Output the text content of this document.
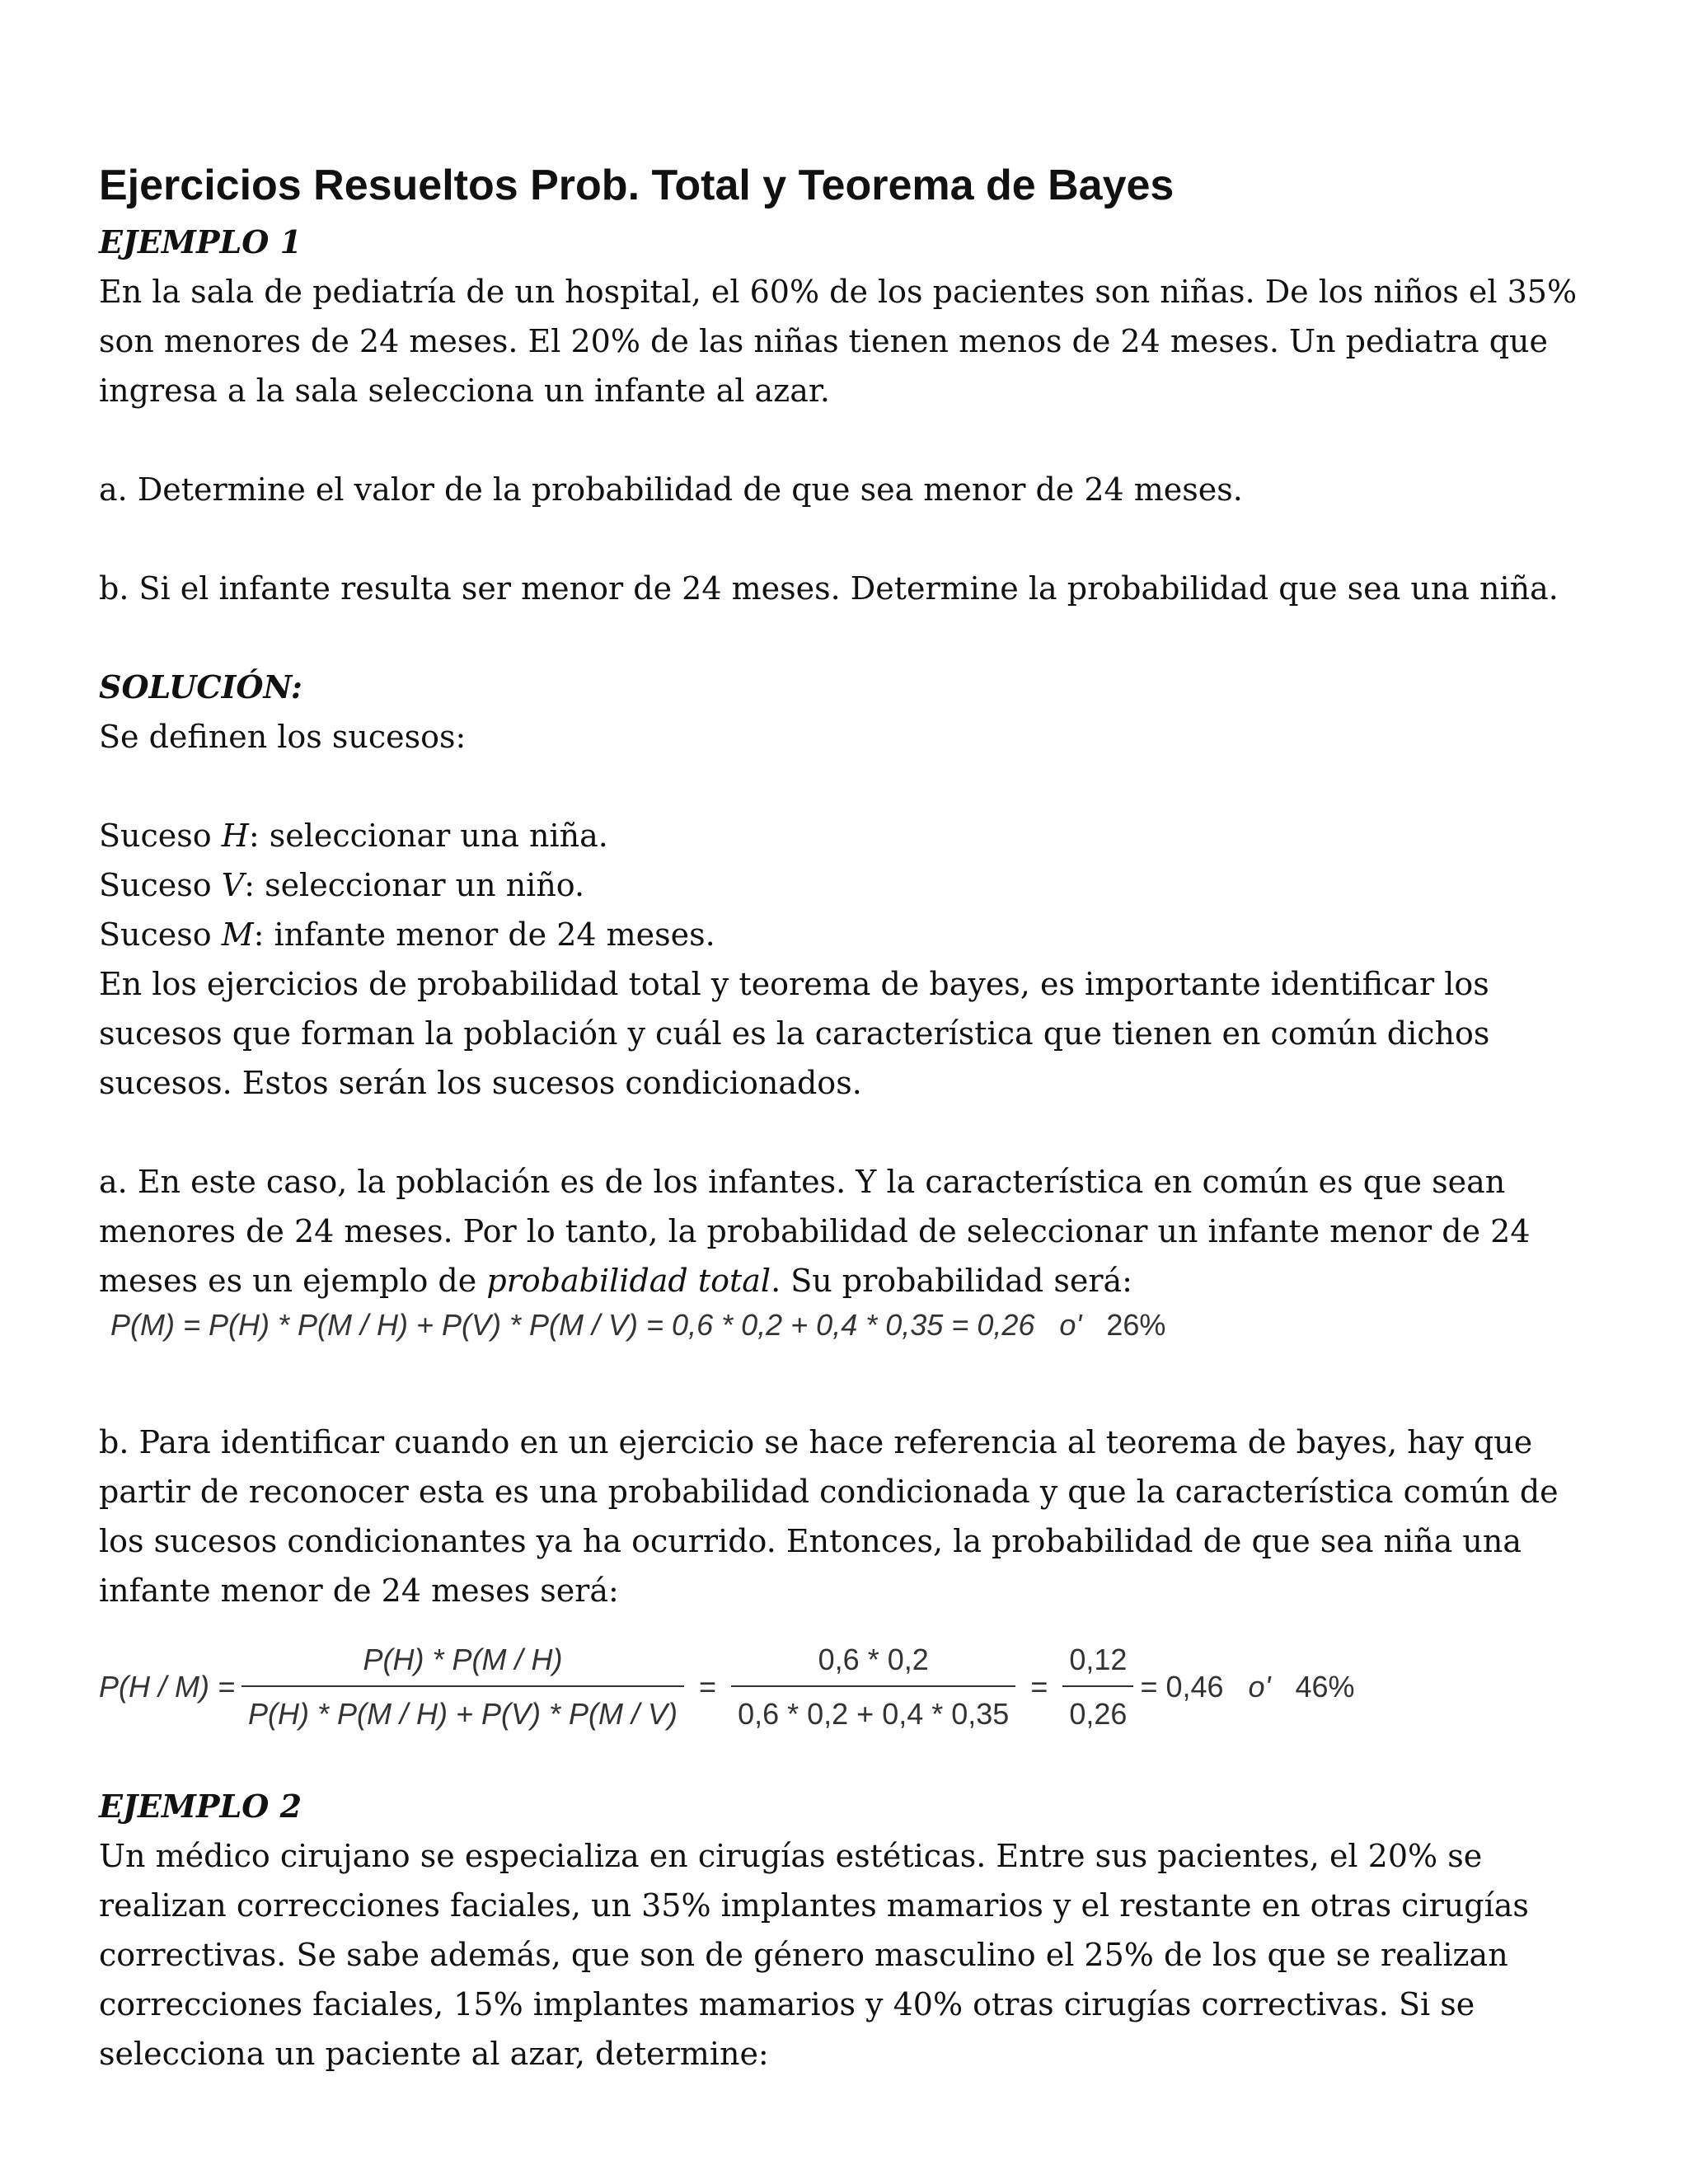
Ejercicios Resueltos Prob. Total y Teorema de Bayes

EJEMPLO 1

En la sala de pediatría de un hospital, el 60% de los pacientes son niñas. De los niños el 35% son menores de 24 meses. El 20% de las niñas tienen menos de 24 meses. Un pediatra que ingresa a la sala selecciona un infante al azar.

a. Determine el valor de la probabilidad de que sea menor de 24 meses.

b. Si el infante resulta ser menor de 24 meses. Determine la probabilidad que sea una niña.

SOLUCIÓN:

Se definen los sucesos:

Suceso H: seleccionar una niña.

Suceso V: seleccionar un niño.

Suceso M: infante menor de 24 meses.

En los ejercicios de probabilidad total y teorema de bayes, es importante identificar los sucesos que forman la población y cuál es la característica que tienen en común dichos sucesos. Estos serán los sucesos condicionados.

a. En este caso, la población es de los infantes. Y la característica en común es que sean menores de 24 meses. Por lo tanto, la probabilidad de seleccionar un infante menor de 24 meses es un ejemplo de probabilidad total. Su probabilidad será:

P(M) = P(H) * P(M / H) + P(V) * P(M / V) = 0,6 * 0,2 + 0,4 * 0,35 = 0,26 o' 26%

b. Para identificar cuando en un ejercicio se hace referencia al teorema de bayes, hay que partir de reconocer esta es una probabilidad condicionada y que la característica común de los sucesos condicionantes ya ha ocurrido. Entonces, la probabilidad de que sea niña una infante menor de 24 meses será:

$P(H / M) = \frac{P(H) * P(M / H)}{P(H) * P(M / H) + P(V) * P(M / V)} = \frac{0,6 * 0,2}{0,6 * 0,2 + 0,4 * 0,35} = \frac{0,12}{0,26} = 0,46$
o'
46%

EJEMPLO 2

Un médico cirujano se especializa en cirugías estéticas. Entre sus pacientes, el 20% se realizan correcciones faciales, un 35% implantes mamarios y el restante en otras cirugías correctivas. Se sabe además, que son de género masculino el 25% de los que se realizan correcciones faciales, 15% implantes mamarios y 40% otras cirugías correctivas. Si se selecciona un paciente al azar, determine:
